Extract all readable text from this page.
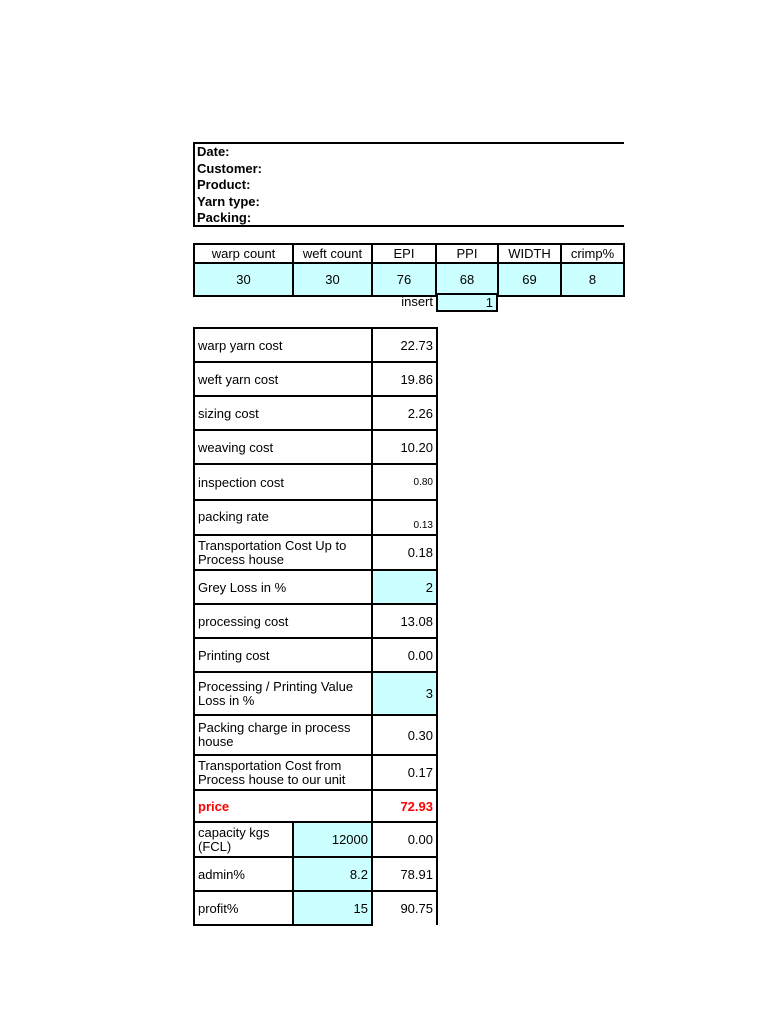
Date:
Customer:
Product:
Yarn type:
Packing:
warp count	weft count	EPI	PPI	WIDTH	crimp%
30	30	76	68	69	8
insert	1
warp yarn cost		22.73
weft yarn cost		19.86
sizing cost		2.26
weaving cost		10.20
inspection cost		0.80
packing rate		0.13

Transportation Cost Up to Process house		0.18
Grey Loss in %		2
processing cost		13.08
Printing cost		0.00

Processing / Printing Value Loss in %		3

Packing charge in process house		0.30

Transportation Cost from Process house to our unit		0.17
price		72.93

capacity kgs (FCL)	12000	0.00
admin%	8.2	78.91
profit%	15	90.75
